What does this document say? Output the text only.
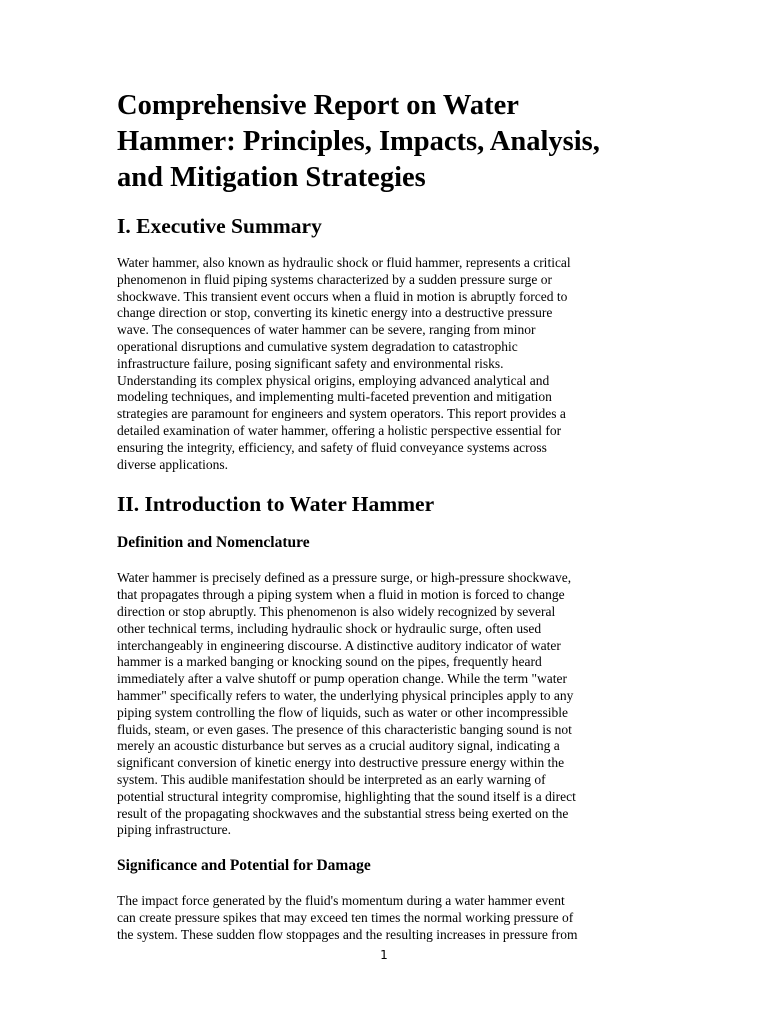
Comprehensive Report on Water
Hammer: Principles, Impacts, Analysis,
and Mitigation Strategies
I. Executive Summary

Water hammer, also known as hydraulic shock or fluid hammer, represents a critical
phenomenon in fluid piping systems characterized by a sudden pressure surge or
shockwave. This transient event occurs when a fluid in motion is abruptly forced to
change direction or stop, converting its kinetic energy into a destructive pressure
wave. The consequences of water hammer can be severe, ranging from minor
operational disruptions and cumulative system degradation to catastrophic
infrastructure failure, posing significant safety and environmental risks.
Understanding its complex physical origins, employing advanced analytical and
modeling techniques, and implementing multi-faceted prevention and mitigation
strategies are paramount for engineers and system operators. This report provides a
detailed examination of water hammer, offering a holistic perspective essential for
ensuring the integrity, efficiency, and safety of fluid conveyance systems across
diverse applications.

II. Introduction to Water Hammer
Definition and Nomenclature

Water hammer is precisely defined as a pressure surge, or high-pressure shockwave,
that propagates through a piping system when a fluid in motion is forced to change
direction or stop abruptly. This phenomenon is also widely recognized by several
other technical terms, including hydraulic shock or hydraulic surge, often used
interchangeably in engineering discourse. A distinctive auditory indicator of water
hammer is a marked banging or knocking sound on the pipes, frequently heard
immediately after a valve shutoff or pump operation change. While the term "water
hammer" specifically refers to water, the underlying physical principles apply to any
piping system controlling the flow of liquids, such as water or other incompressible
fluids, steam, or even gases. The presence of this characteristic banging sound is not
merely an acoustic disturbance but serves as a crucial auditory signal, indicating a
significant conversion of kinetic energy into destructive pressure energy within the
system. This audible manifestation should be interpreted as an early warning of
potential structural integrity compromise, highlighting that the sound itself is a direct
result of the propagating shockwaves and the substantial stress being exerted on the
piping infrastructure.

Significance and Potential for Damage

The impact force generated by the fluid's momentum during a water hammer event
can create pressure spikes that may exceed ten times the normal working pressure of
the system. These sudden flow stoppages and the resulting increases in pressure from

1
